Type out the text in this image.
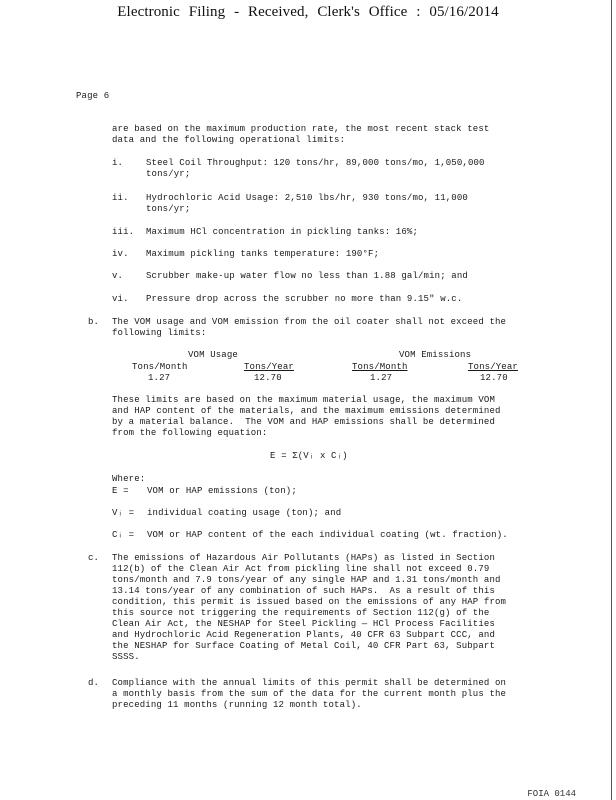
Electronic Filing - Received, Clerk's Office : 05/16/2014
Page 6
are based on the maximum production rate, the most recent stack test
data and the following operational limits:
i.	Steel Coil Throughput: 120 tons/hr, 89,000 tons/mo, 1,050,000
tons/yr;
ii. Hydrochloric Acid Usage: 2,510 lbs/hr, 930 tons/mo, 11,000
tons/yr;
iii. Maximum HCl concentration in pickling tanks: 16%;
iv. Maximum pickling tanks temperature: 190°F;
v.	Scrubber make-up water flow no less than 1.88 gal/min; and
vi. Pressure drop across the scrubber no more than 9.15" w.c.
b. The VOM usage and VOM emission from the oil coater shall not exceed the
following limits:
VOM Usage	VOM Emissions
Tons/Month	Tons/Year	Tons/Month	Tons/Year
1.27	12.70	1.27	12.70
These limits are based on the maximum material usage, the maximum VOM
and HAP content of the materials, and the maximum emissions determined
by a material balance.  The VOM and HAP emissions shall be determined
from the following equation:
E = Σ(Vᵢ x Cᵢ)
Where:
E = VOM or HAP emissions (ton);
Vᵢ = individual coating usage (ton); and
Cᵢ = VOM or HAP content of the each individual coating (wt. fraction).
c. The emissions of Hazardous Air Pollutants (HAPs) as listed in Section
112(b) of the Clean Air Act from pickling line shall not exceed 0.79
tons/month and 7.9 tons/year of any single HAP and 1.31 tons/month and
13.14 tons/year of any combination of such HAPs.  As a result of this
condition, this permit is issued based on the emissions of any HAP from
this source not triggering the requirements of Section 112(g) of the
Clean Air Act, the NESHAP for Steel Pickling — HCl Process Facilities
and Hydrochloric Acid Regeneration Plants, 40 CFR 63 Subpart CCC, and
the NESHAP for Surface Coating of Metal Coil, 40 CFR Part 63, Subpart
SSSS.
d. Compliance with the annual limits of this permit shall be determined on
a monthly basis from the sum of the data for the current month plus the
preceding 11 months (running 12 month total).
FOIA 0144
